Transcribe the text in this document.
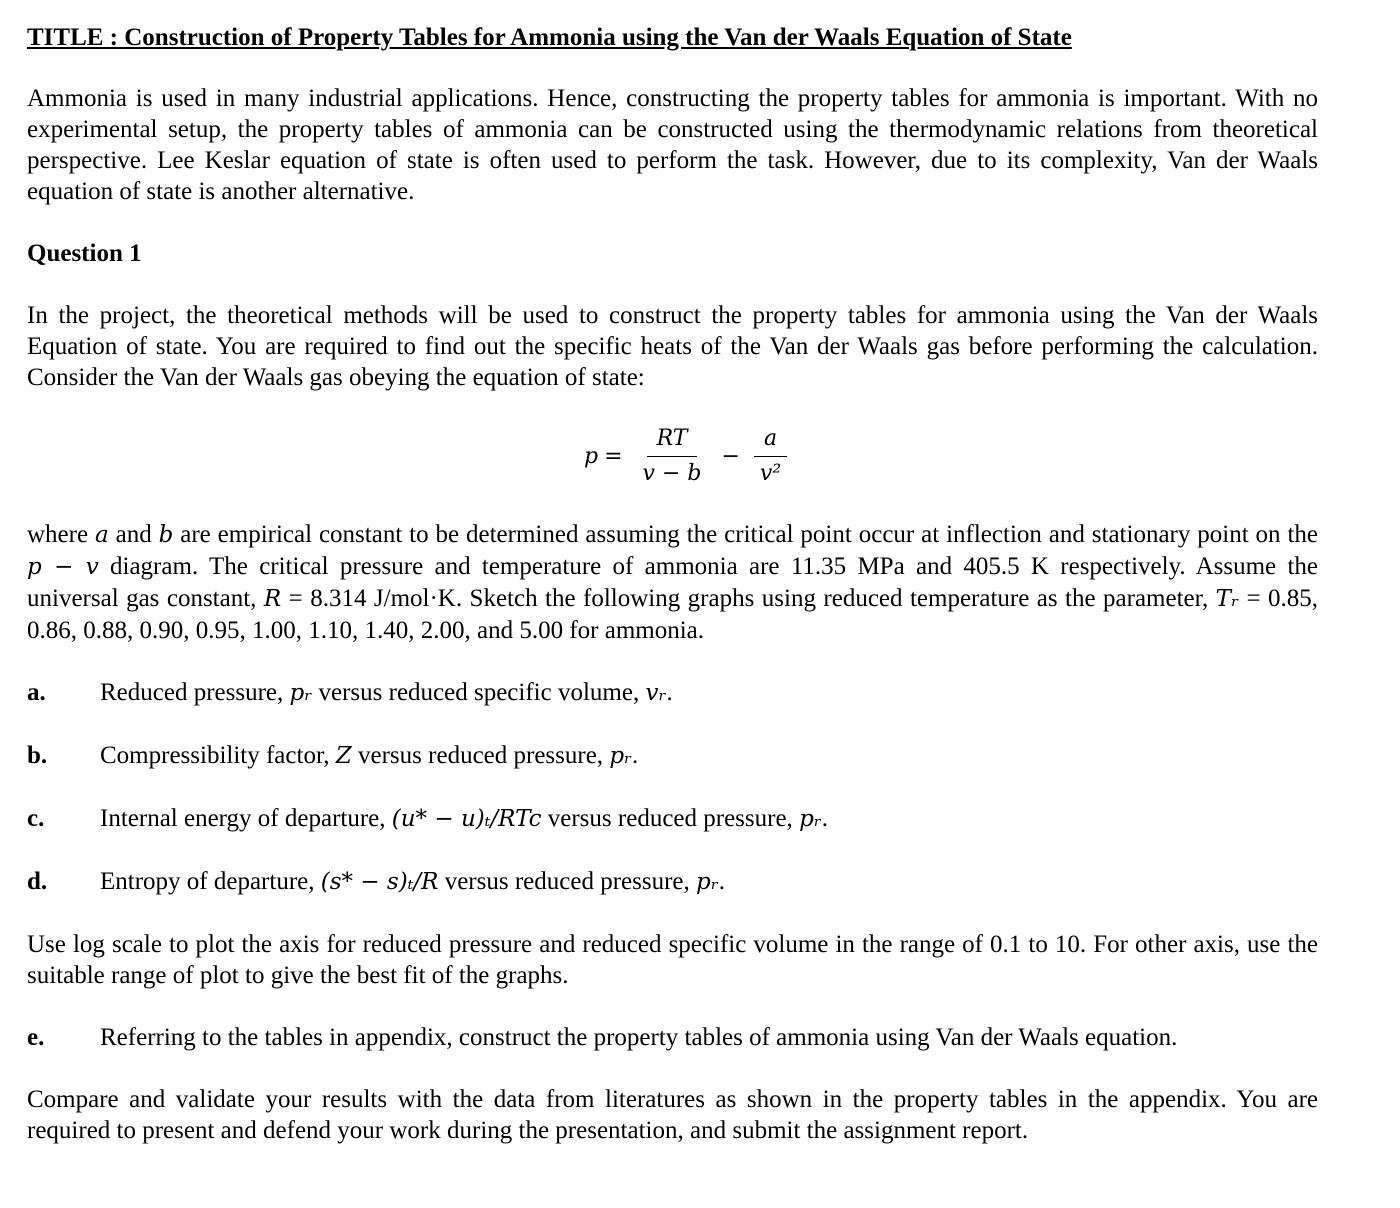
TITLE : Construction of Property Tables for Ammonia using the Van der Waals Equation of State

Ammonia is used in many industrial applications. Hence, constructing the property tables for ammonia is important. With no experimental setup, the property tables of ammonia can be constructed using the thermodynamic relations from theoretical perspective. Lee Keslar equation of state is often used to perform the task. However, due to its complexity, Van der Waals equation of state is another alternative.

Question 1

In the project, the theoretical methods will be used to construct the property tables for ammonia using the Van der Waals Equation of state. You are required to find out the specific heats of the Van der Waals gas before performing the calculation. Consider the Van der Waals gas obeying the equation of state:

$p = \frac{RT}{v - b} - \frac{a}{\text{v²}}$

where a and b are empirical constant to be determined assuming the critical point occur at inflection and stationary point on the p − v diagram. The critical pressure and temperature of ammonia are 11.35 MPa and 405.5 K respectively. Assume the universal gas constant, R = 8.314 J/mol·K. Sketch the following graphs using reduced temperature as the parameter, Tᵣ = 0.85, 0.86, 0.88, 0.90, 0.95, 1.00, 1.10, 1.40, 2.00, and 5.00 for ammonia.

a.	Reduced pressure, pᵣ versus reduced specific volume, vᵣ.
b.	Compressibility factor, Z versus reduced pressure, pᵣ.
c.	Internal energy of departure, (u* − u)ₜ/RTc versus reduced pressure, pᵣ.
d.	Entropy of departure, (s* − s)ₜ/R versus reduced pressure, pᵣ.

Use log scale to plot the axis for reduced pressure and reduced specific volume in the range of 0.1 to 10. For other axis, use the suitable range of plot to give the best fit of the graphs.

e.	Referring to the tables in appendix, construct the property tables of ammonia using Van der Waals equation.

Compare and validate your results with the data from literatures as shown in the property tables in the appendix. You are required to present and defend your work during the presentation, and submit the assignment report.
